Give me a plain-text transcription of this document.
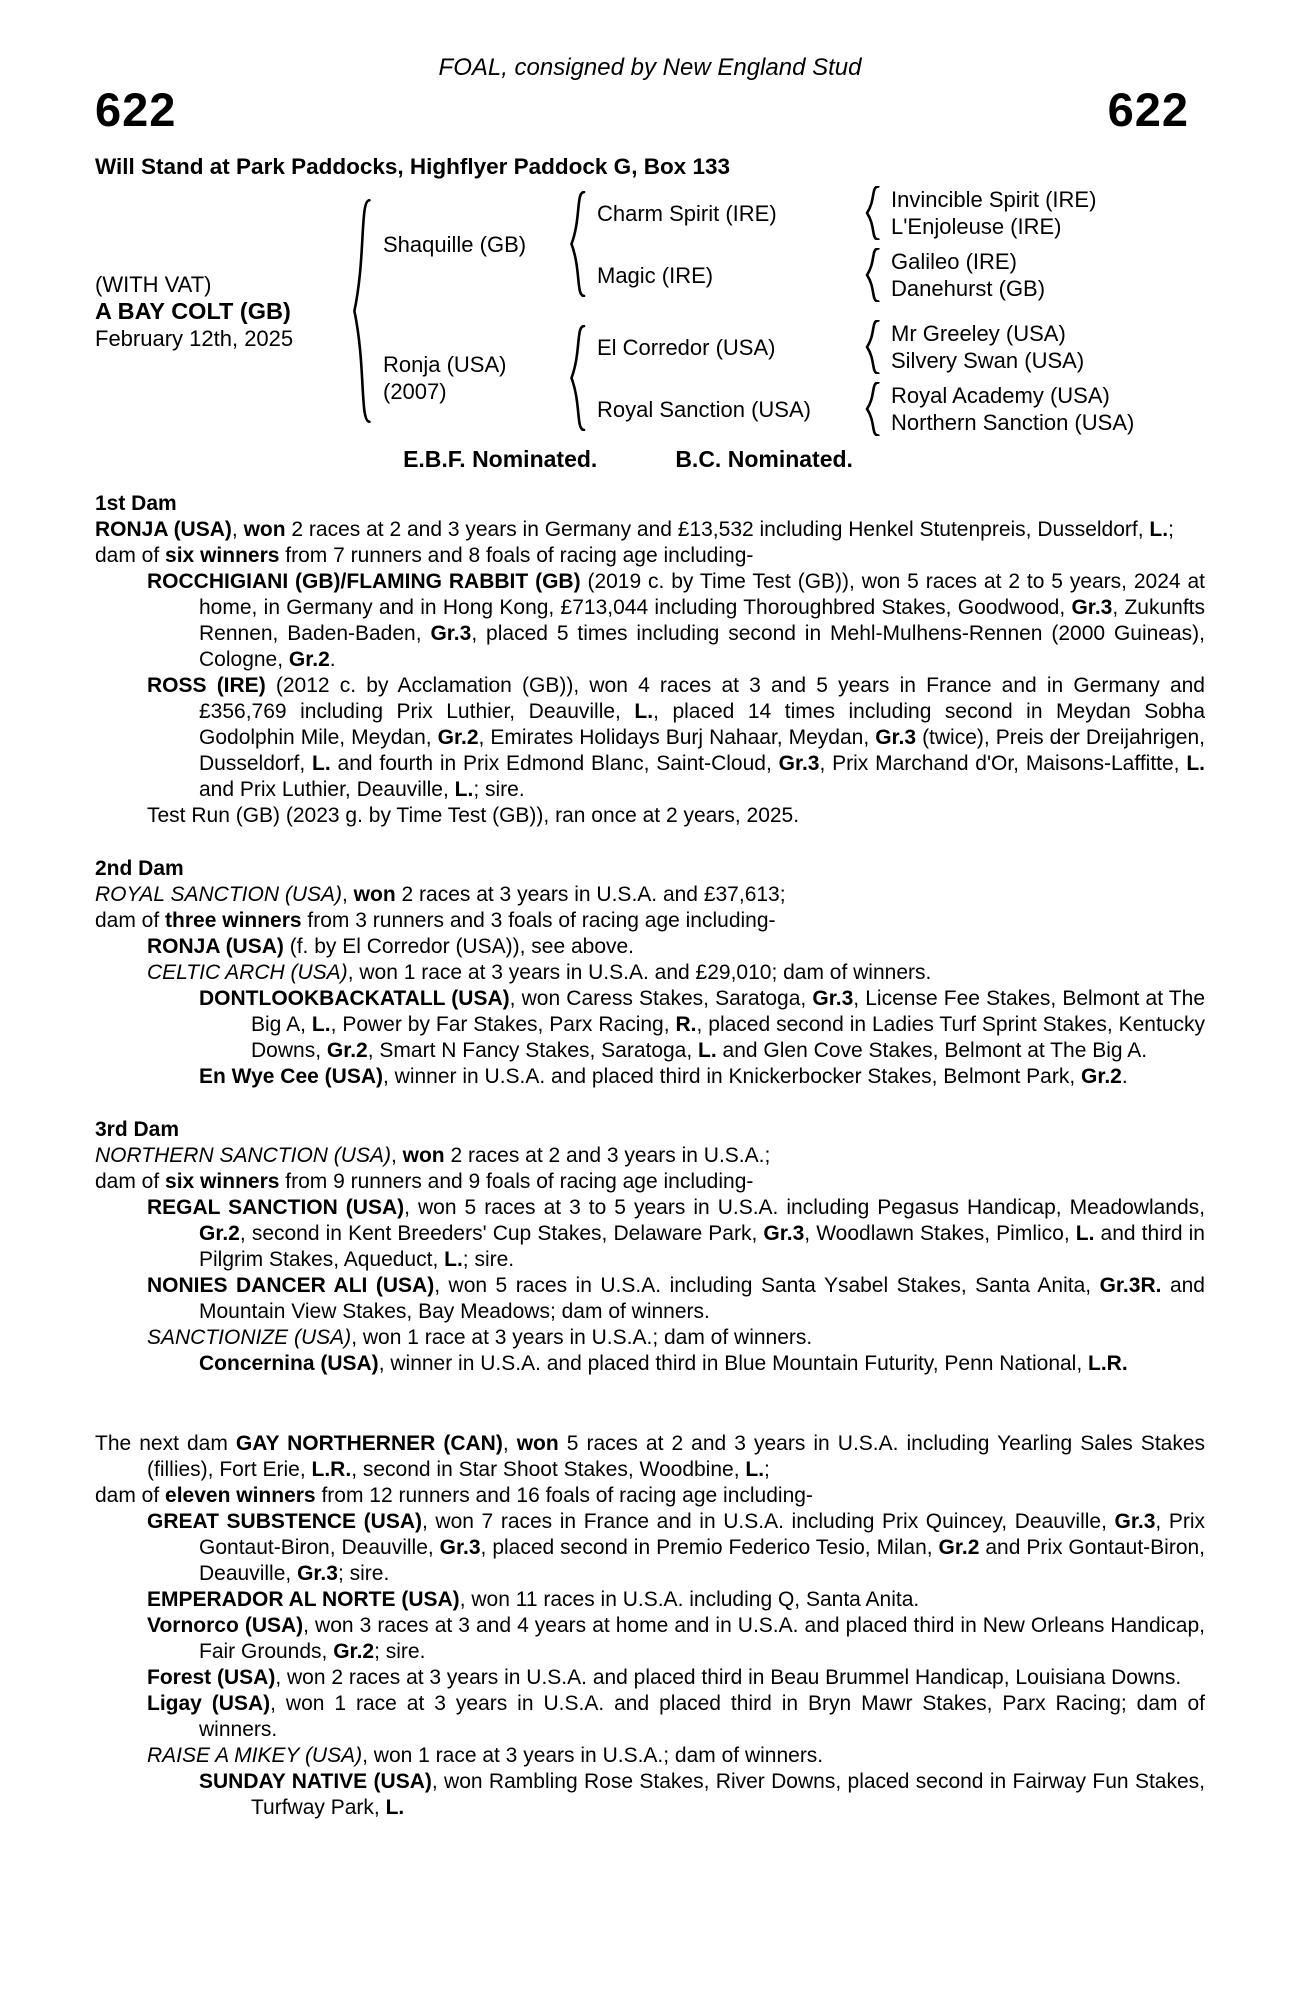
FOAL, consigned by New England Stud
622	622
Will Stand at Park Paddocks, Highflyer Paddock G, Box 133
(WITH VAT)
A BAY COLT (GB)
February 12th, 2025
Shaquille (GB)
Charm Spirit (IRE)
Invincible Spirit (IRE)
L'Enjoleuse (IRE)
Magic (IRE)
Galileo (IRE)
Danehurst (GB)
Ronja (USA)
(2007)
El Corredor (USA)
Mr Greeley (USA)
Silvery Swan (USA)
Royal Sanction (USA)
Royal Academy (USA)
Northern Sanction (USA)
E.B.F. Nominated.	B.C. Nominated.
1st Dam

RONJA (USA), won 2 races at 2 and 3 years in Germany and £13,532 including Henkel Stutenpreis, Dusseldorf, L.;

dam of six winners from 7 runners and 8 foals of racing age including-

ROCCHIGIANI (GB)/FLAMING RABBIT (GB) (2019 c. by Time Test (GB)), won 5 races at 2 to 5 years, 2024 at home, in Germany and in Hong Kong, £713,044 including Thoroughbred Stakes, Goodwood, Gr.3, Zukunfts Rennen, Baden-Baden, Gr.3, placed 5 times including second in Mehl-Mulhens-Rennen (2000 Guineas), Cologne, Gr.2.

ROSS (IRE) (2012 c. by Acclamation (GB)), won 4 races at 3 and 5 years in France and in Germany and £356,769 including Prix Luthier, Deauville, L., placed 14 times including second in Meydan Sobha Godolphin Mile, Meydan, Gr.2, Emirates Holidays Burj Nahaar, Meydan, Gr.3 (twice), Preis der Dreijahrigen, Dusseldorf, L. and fourth in Prix Edmond Blanc, Saint-Cloud, Gr.3, Prix Marchand d'Or, Maisons-Laffitte, L. and Prix Luthier, Deauville, L.; sire.

Test Run (GB) (2023 g. by Time Test (GB)), ran once at 2 years, 2025.

2nd Dam

ROYAL SANCTION (USA), won 2 races at 3 years in U.S.A. and £37,613;

dam of three winners from 3 runners and 3 foals of racing age including-

RONJA (USA) (f. by El Corredor (USA)), see above.

CELTIC ARCH (USA), won 1 race at 3 years in U.S.A. and £29,010; dam of winners.

DONTLOOKBACKATALL (USA), won Caress Stakes, Saratoga, Gr.3, License Fee Stakes, Belmont at The Big A, L., Power by Far Stakes, Parx Racing, R., placed second in Ladies Turf Sprint Stakes, Kentucky Downs, Gr.2, Smart N Fancy Stakes, Saratoga, L. and Glen Cove Stakes, Belmont at The Big A.

En Wye Cee (USA), winner in U.S.A. and placed third in Knickerbocker Stakes, Belmont Park, Gr.2.

3rd Dam

NORTHERN SANCTION (USA), won 2 races at 2 and 3 years in U.S.A.;

dam of six winners from 9 runners and 9 foals of racing age including-

REGAL SANCTION (USA), won 5 races at 3 to 5 years in U.S.A. including Pegasus Handicap, Meadowlands, Gr.2, second in Kent Breeders' Cup Stakes, Delaware Park, Gr.3, Woodlawn Stakes, Pimlico, L. and third in Pilgrim Stakes, Aqueduct, L.; sire.

NONIES DANCER ALI (USA), won 5 races in U.S.A. including Santa Ysabel Stakes, Santa Anita, Gr.3R. and Mountain View Stakes, Bay Meadows; dam of winners.

SANCTIONIZE (USA), won 1 race at 3 years in U.S.A.; dam of winners.

Concernina (USA), winner in U.S.A. and placed third in Blue Mountain Futurity, Penn National, L.R.

The next dam GAY NORTHERNER (CAN), won 5 races at 2 and 3 years in U.S.A. including Yearling Sales Stakes (fillies), Fort Erie, L.R., second in Star Shoot Stakes, Woodbine, L.;

dam of eleven winners from 12 runners and 16 foals of racing age including-

GREAT SUBSTENCE (USA), won 7 races in France and in U.S.A. including Prix Quincey, Deauville, Gr.3, Prix Gontaut-Biron, Deauville, Gr.3, placed second in Premio Federico Tesio, Milan, Gr.2 and Prix Gontaut-Biron, Deauville, Gr.3; sire.

EMPERADOR AL NORTE (USA), won 11 races in U.S.A. including Q, Santa Anita.

Vornorco (USA), won 3 races at 3 and 4 years at home and in U.S.A. and placed third in New Orleans Handicap, Fair Grounds, Gr.2; sire.

Forest (USA), won 2 races at 3 years in U.S.A. and placed third in Beau Brummel Handicap, Louisiana Downs.

Ligay (USA), won 1 race at 3 years in U.S.A. and placed third in Bryn Mawr Stakes, Parx Racing; dam of winners.

RAISE A MIKEY (USA), won 1 race at 3 years in U.S.A.; dam of winners.

SUNDAY NATIVE (USA), won Rambling Rose Stakes, River Downs, placed second in Fairway Fun Stakes, Turfway Park, L.
